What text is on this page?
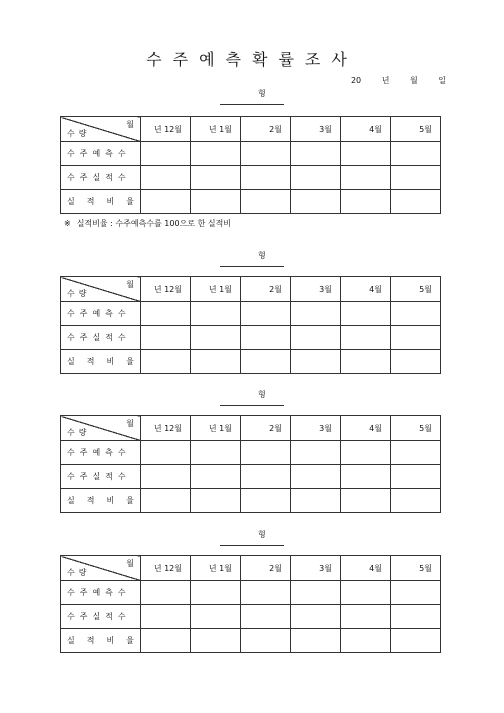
수주예측확률조사
20	년	월	일
형
월
수량	년 12월	년 1월	2월	3월	4월	5월
수주예측수						
수주실적수						
실적비율						
※ 실적비율 : 수주예측수를 100으로 한 실적비
형
월
수량	년 12월	년 1월	2월	3월	4월	5월
수주예측수						
수주실적수						
실적비율						
형
월
수량	년 12월	년 1월	2월	3월	4월	5월
수주예측수						
수주실적수						
실적비율						
형
월
수량	년 12월	년 1월	2월	3월	4월	5월
수주예측수						
수주실적수						
실적비율						
